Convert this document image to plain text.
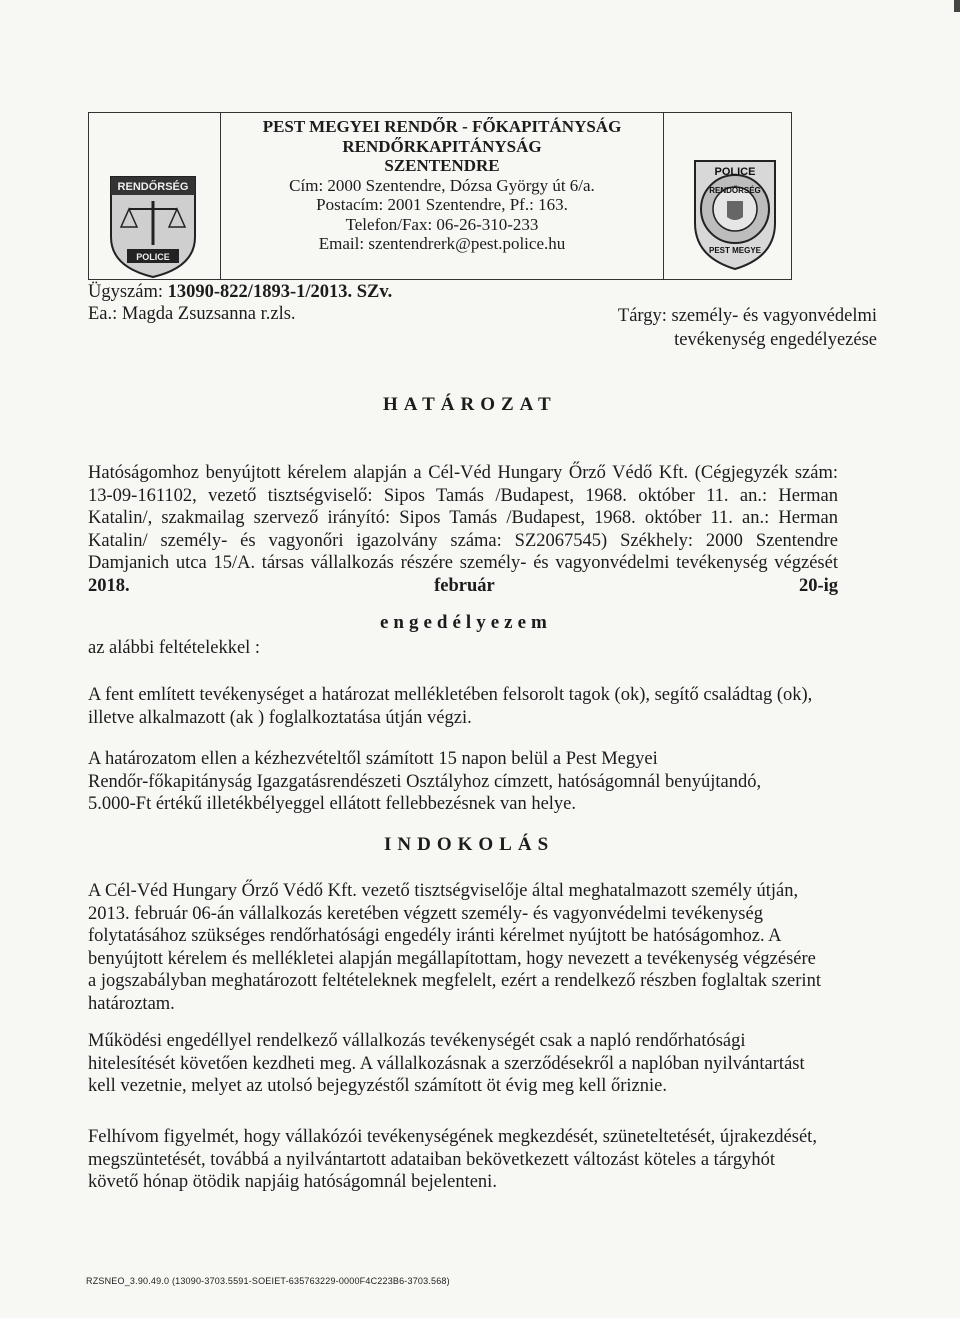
RENDŐRSÉG
POLICE
PEST MEGYEI RENDŐR - FŐKAPITÁNYSÁG
RENDŐRKAPITÁNYSÁG
SZENTENDRE
Cím: 2000 Szentendre, Dózsa György út 6/a.
Postacím: 2001 Szentendre, Pf.: 163.
Telefon/Fax: 06-26-310-233
Email: szentendrerk@pest.police.hu
POLICE
RENDŐRSÉG
PEST MEGYE
Ügyszám: 13090-822/1893-1/2013. SZv.
Ea.: Magda Zsuzsanna r.zls.	Tárgy: személy- és vagyonvédelmi
tevékenység engedélyezése
HATÁROZAT
Hatóságomhoz benyújtott kérelem alapján a Cél-Véd Hungary Őrző Védő Kft. (Cégjegyzék szám:
13-09-161102, vezető tisztségviselő: Sipos Tamás /Budapest, 1968. október 11. an.: Herman
Katalin/, szakmailag szervező irányító: Sipos Tamás /Budapest, 1968. október 11. an.: Herman
Katalin/ személy- és vagyonőri igazolvány száma: SZ2067545) Székhely: 2000 Szentendre
Damjanich utca 15/A. társas vállalkozás részére személy- és vagyonvédelmi tevékenység végzését
2018. február 20-ig
engedélyezem
az alábbi feltételekkel :
A fent említett tevékenységet a határozat mellékletében felsorolt tagok (ok), segítő családtag (ok),
illetve alkalmazott (ak ) foglalkoztatása útján végzi.
A határozatom ellen a kézhezvételtől számított 15 napon belül a Pest Megyei
Rendőr-főkapitányság Igazgatásrendészeti Osztályhoz címzett, hatóságomnál benyújtandó,
5.000-Ft értékű illetékbélyeggel ellátott fellebbezésnek van helye.
INDOKOLÁS
A Cél-Véd Hungary Őrző Védő Kft. vezető tisztségviselője által meghatalmazott személy útján,
2013. február 06-án vállalkozás keretében végzett személy- és vagyonvédelmi tevékenység
folytatásához szükséges rendőrhatósági engedély iránti kérelmet nyújtott be hatóságomhoz. A
benyújtott kérelem és mellékletei alapján megállapítottam, hogy nevezett a tevékenység végzésére
a jogszabályban meghatározott feltételeknek megfelelt, ezért a rendelkező részben foglaltak szerint
határoztam.
Működési engedéllyel rendelkező vállalkozás tevékenységét csak a napló rendőrhatósági
hitelesítését követően kezdheti meg. A vállalkozásnak a szerződésekről a naplóban nyilvántartást
kell vezetnie, melyet az utolsó bejegyzéstől számított öt évig meg kell őriznie.
Felhívom figyelmét, hogy vállakózói tevékenységének megkezdését, szüneteltetését, újrakezdését,
megszüntetését, továbbá a nyilvántartott adataiban bekövetkezett változást köteles a tárgyhót
követő hónap ötödik napjáig hatóságomnál bejelenteni.
RZSNEO_3.90.49.0 (13090-3703.5591-SOEIET-635763229-0000F4C223B6-3703.568)
